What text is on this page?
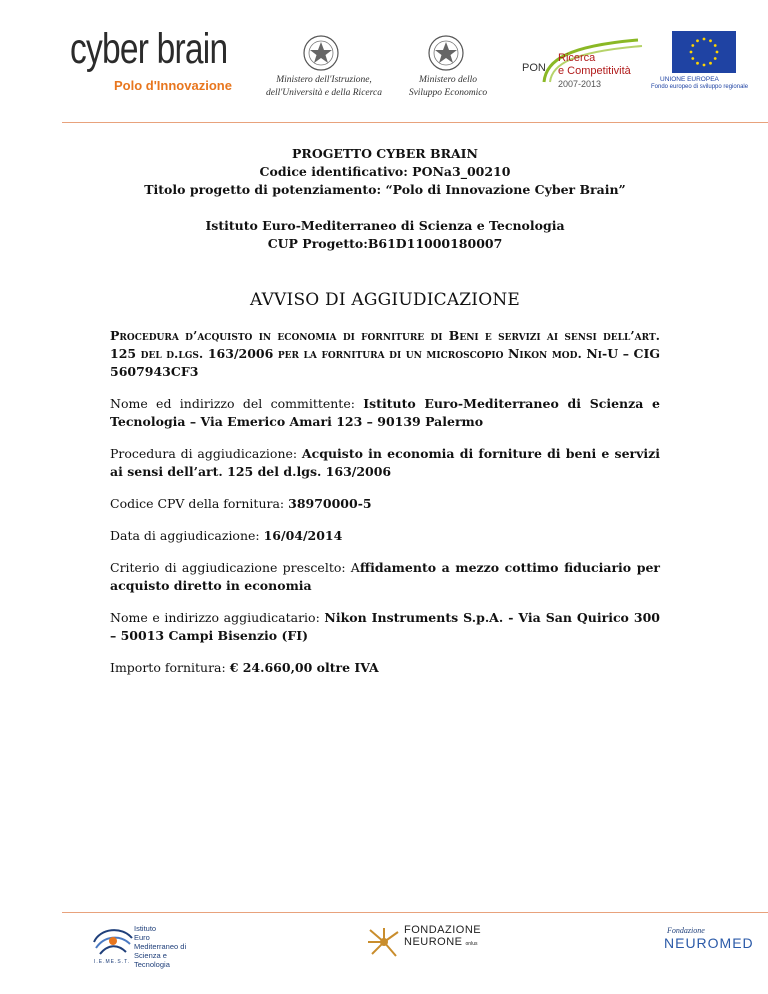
cyber brain
Polo d'Innovazione	Ministero dell'Istruzione,
dell'Università e della Ricerca
Ministero dello
Sviluppo Economico
PON
Ricerca
e Competitività
2007-2013	UNIONE EUROPEA
Fondo europeo di sviluppo regionale
PROGETTO CYBER BRAIN
Codice identificativo: PONa3_00210
Titolo progetto di potenziamento: “Polo di Innovazione Cyber Brain”
Istituto Euro-Mediterraneo di Scienza e Tecnologia
CUP Progetto:B61D11000180007
AVVISO DI AGGIUDICAZIONE
Procedura d’acquisto in economia di forniture di Beni e servizi ai sensi dell’art. 125 del d.lgs. 163/2006 per la fornitura di un microscopio Nikon mod. Ni-U – CIG 5607943CF3
Nome ed indirizzo del committente: Istituto Euro-Mediterraneo di Scienza e Tecnologia – Via Emerico Amari 123 – 90139 Palermo
Procedura di aggiudicazione: Acquisto in economia di forniture di beni e servizi ai sensi dell’art. 125 del d.lgs. 163/2006
Codice CPV della fornitura: 38970000-5
Data di aggiudicazione: 16/04/2014
Criterio di aggiudicazione prescelto: Affidamento a mezzo cottimo fiduciario per acquisto diretto in economia
Nome e indirizzo aggiudicatario: Nikon Instruments S.p.A. - Via San Quirico 300 – 50013 Campi Bisenzio (FI)
Importo fornitura: € 24.660,00 oltre IVA
Istituto
Euro
Mediterraneo di
Scienza e
Tecnologia
I.E.ME.S.T.
FONDAZIONE
NEURONE onlus
Fondazione
NEUROMED
